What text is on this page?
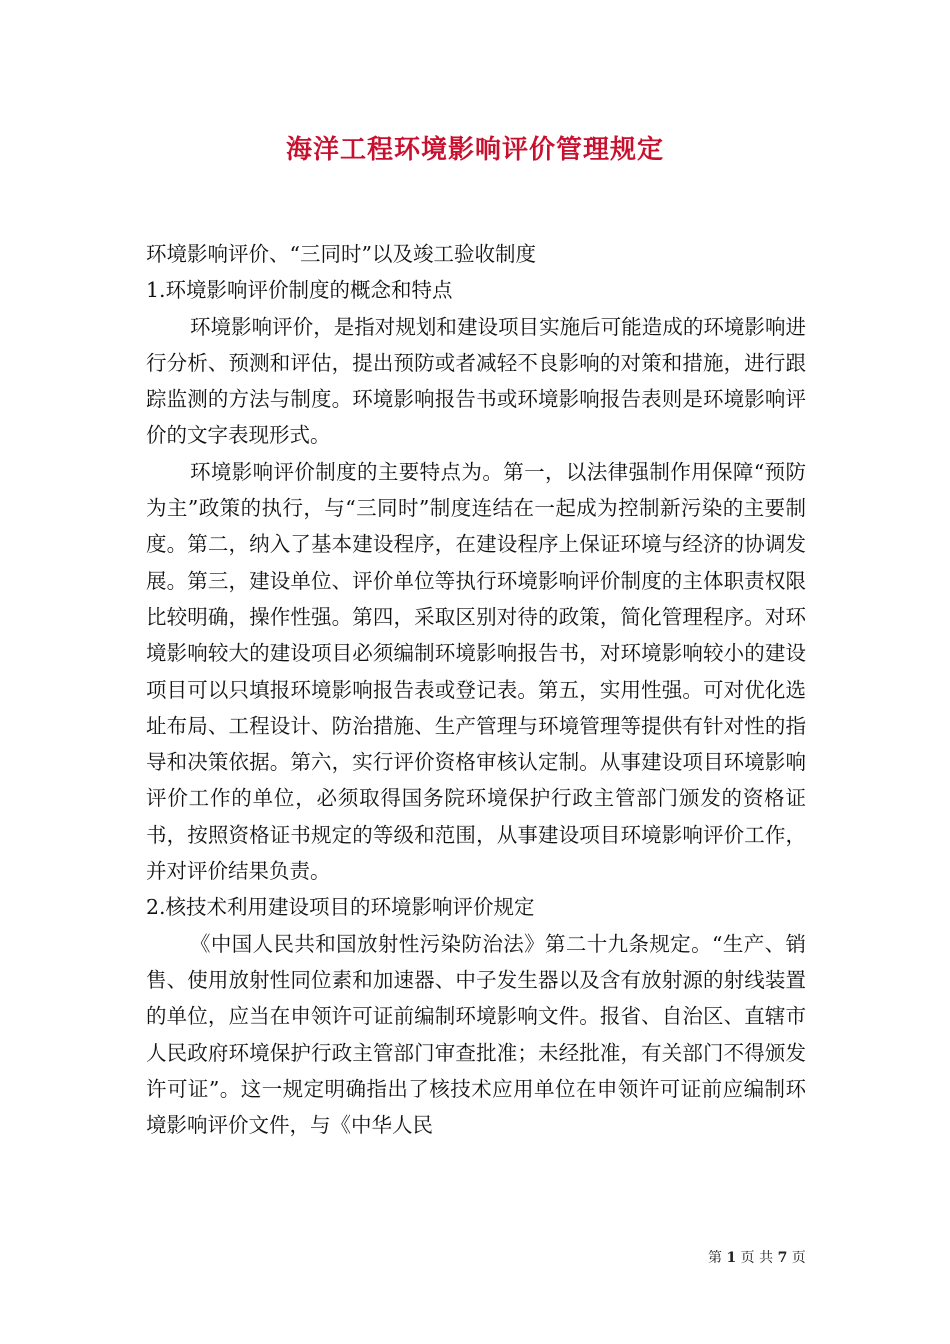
海洋工程环境影响评价管理规定

环境影响评价、“三同时”以及竣工验收制度

1.环境影响评价制度的概念和特点

环境影响评价，是指对规划和建设项目实施后可能造成的环境影响进行分析、预测和评估，提出预防或者减轻不良影响的对策和措施，进行跟踪监测的方法与制度。环境影响报告书或环境影响报告表则是环境影响评价的文字表现形式。

环境影响评价制度的主要特点为。第一，以法律强制作用保障“预防为主”政策的执行，与“三同时”制度连结在一起成为控制新污染的主要制度。第二，纳入了基本建设程序，在建设程序上保证环境与经济的协调发展。第三，建设单位、评价单位等执行环境影响评价制度的主体职责权限比较明确，操作性强。第四，采取区别对待的政策，简化管理程序。对环境影响较大的建设项目必须编制环境影响报告书，对环境影响较小的建设项目可以只填报环境影响报告表或登记表。第五，实用性强。可对优化选址布局、工程设计、防治措施、生产管理与环境管理等提供有针对性的指导和决策依据。第六，实行评价资格审核认定制。从事建设项目环境影响评价工作的单位，必须取得国务院环境保护行政主管部门颁发的资格证书，按照资格证书规定的等级和范围，从事建设项目环境影响评价工作，并对评价结果负责。

2.核技术利用建设项目的环境影响评价规定

《中国人民共和国放射性污染防治法》第二十九条规定。“生产、销售、使用放射性同位素和加速器、中子发生器以及含有放射源的射线装置的单位，应当在申领许可证前编制环境影响文件。报省、自治区、直辖市人民政府环境保护行政主管部门审查批准；未经批准，有关部门不得颁发许可证”。这一规定明确指出了核技术应用单位在申领许可证前应编制环境影响评价文件，与《中华人民

第 1 页 共 7 页
